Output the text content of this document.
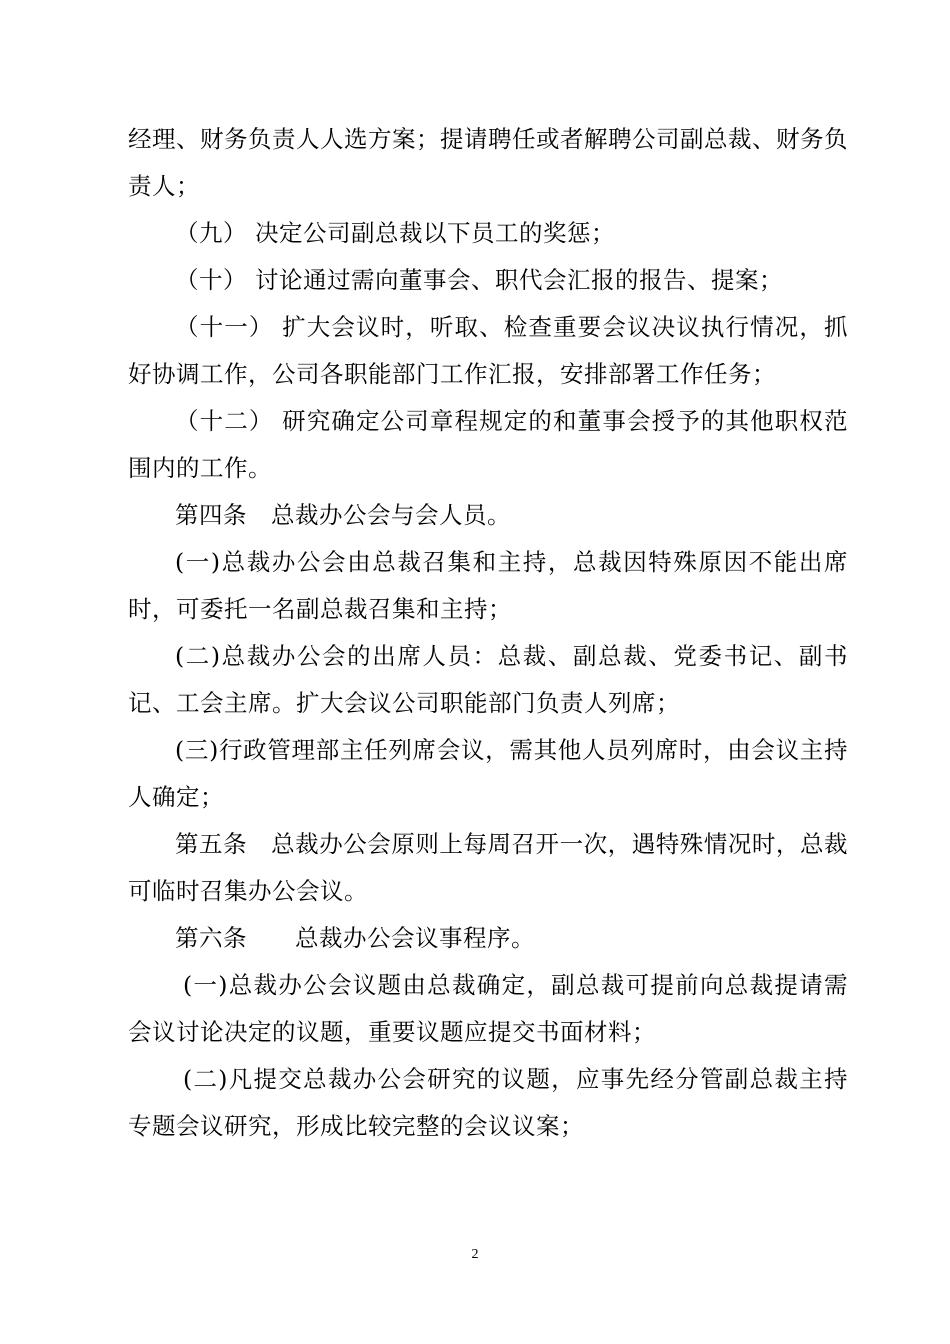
经理、财务负责人人选方案；提请聘任或者解聘公司副总裁、财务负责人；

（九） 决定公司副总裁以下员工的奖惩；

（十） 讨论通过需向董事会、职代会汇报的报告、提案；

（十一） 扩大会议时，听取、检查重要会议决议执行情况，抓好协调工作，公司各职能部门工作汇报，安排部署工作任务；

（十二） 研究确定公司章程规定的和董事会授予的其他职权范围内的工作。

第四条　总裁办公会与会人员。

(一)总裁办公会由总裁召集和主持，总裁因特殊原因不能出席时，可委托一名副总裁召集和主持；

(二)总裁办公会的出席人员：总裁、副总裁、党委书记、副书记、工会主席。扩大会议公司职能部门负责人列席；

(三)行政管理部主任列席会议，需其他人员列席时，由会议主持人确定；

第五条　总裁办公会原则上每周召开一次，遇特殊情况时，总裁可临时召集办公会议。

第六条　　总裁办公会议事程序。

(一)总裁办公会议题由总裁确定，副总裁可提前向总裁提请需会议讨论决定的议题，重要议题应提交书面材料；

(二)凡提交总裁办公会研究的议题，应事先经分管副总裁主持专题会议研究，形成比较完整的会议议案；

2
